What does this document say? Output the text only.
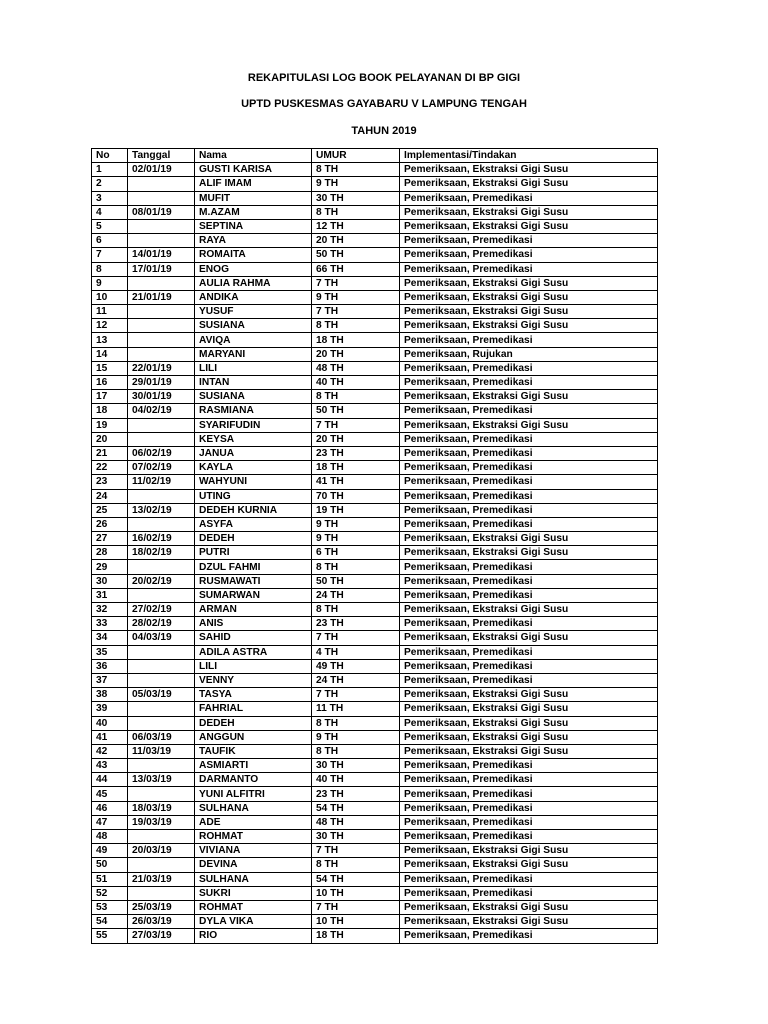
REKAPITULASI LOG BOOK PELAYANAN DI BP GIGI
UPTD PUSKESMAS GAYABARU V LAMPUNG TENGAH
TAHUN 2019
No	Tanggal	Nama	UMUR	Implementasi/Tindakan
1	02/01/19	GUSTI KARISA	8 TH	Pemeriksaan, Ekstraksi Gigi Susu
2		ALIF IMAM	9 TH	Pemeriksaan, Ekstraksi Gigi Susu
3		MUFIT	30 TH	Pemeriksaan, Premedikasi
4	08/01/19	M.AZAM	8 TH	Pemeriksaan, Ekstraksi Gigi Susu
5		SEPTINA	12 TH	Pemeriksaan, Ekstraksi Gigi Susu
6		RAYA	20 TH	Pemeriksaan, Premedikasi
7	14/01/19	ROMAITA	50 TH	Pemeriksaan, Premedikasi
8	17/01/19	ENOG	66 TH	Pemeriksaan, Premedikasi
9		AULIA RAHMA	7 TH	Pemeriksaan, Ekstraksi Gigi Susu
10	21/01/19	ANDIKA	9 TH	Pemeriksaan, Ekstraksi Gigi Susu
11		YUSUF	7 TH	Pemeriksaan, Ekstraksi Gigi Susu
12		SUSIANA	8 TH	Pemeriksaan, Ekstraksi Gigi Susu
13		AVIQA	18 TH	Pemeriksaan, Premedikasi
14		MARYANI	20 TH	Pemeriksaan, Rujukan
15	22/01/19	LILI	48 TH	Pemeriksaan, Premedikasi
16	29/01/19	INTAN	40 TH	Pemeriksaan, Premedikasi
17	30/01/19	SUSIANA	8 TH	Pemeriksaan, Ekstraksi Gigi Susu
18	04/02/19	RASMIANA	50 TH	Pemeriksaan, Premedikasi
19		SYARIFUDIN	7 TH	Pemeriksaan, Ekstraksi Gigi Susu
20		KEYSA	20 TH	Pemeriksaan, Premedikasi
21	06/02/19	JANUA	23 TH	Pemeriksaan, Premedikasi
22	07/02/19	KAYLA	18 TH	Pemeriksaan, Premedikasi
23	11/02/19	WAHYUNI	41 TH	Pemeriksaan, Premedikasi
24		UTING	70 TH	Pemeriksaan, Premedikasi
25	13/02/19	DEDEH KURNIA	19 TH	Pemeriksaan, Premedikasi
26		ASYFA	9 TH	Pemeriksaan, Premedikasi
27	16/02/19	DEDEH	9 TH	Pemeriksaan, Ekstraksi Gigi Susu
28	18/02/19	PUTRI	6 TH	Pemeriksaan, Ekstraksi Gigi Susu
29		DZUL FAHMI	8 TH	Pemeriksaan, Premedikasi
30	20/02/19	RUSMAWATI	50 TH	Pemeriksaan, Premedikasi
31		SUMARWAN	24 TH	Pemeriksaan, Premedikasi
32	27/02/19	ARMAN	8 TH	Pemeriksaan, Ekstraksi Gigi Susu
33	28/02/19	ANIS	23 TH	Pemeriksaan, Premedikasi
34	04/03/19	SAHID	7 TH	Pemeriksaan, Ekstraksi Gigi Susu
35		ADILA ASTRA	4 TH	Pemeriksaan, Premedikasi
36		LILI	49 TH	Pemeriksaan, Premedikasi
37		VENNY	24 TH	Pemeriksaan, Premedikasi
38	05/03/19	TASYA	7 TH	Pemeriksaan, Ekstraksi Gigi Susu
39		FAHRIAL	11 TH	Pemeriksaan, Ekstraksi Gigi Susu
40		DEDEH	8 TH	Pemeriksaan, Ekstraksi Gigi Susu
41	06/03/19	ANGGUN	9 TH	Pemeriksaan, Ekstraksi Gigi Susu
42	11/03/19	TAUFIK	8 TH	Pemeriksaan, Ekstraksi Gigi Susu
43		ASMIARTI	30 TH	Pemeriksaan, Premedikasi
44	13/03/19	DARMANTO	40 TH	Pemeriksaan, Premedikasi
45		YUNI ALFITRI	23 TH	Pemeriksaan, Premedikasi
46	18/03/19	SULHANA	54 TH	Pemeriksaan, Premedikasi
47	19/03/19	ADE	48 TH	Pemeriksaan, Premedikasi
48		ROHMAT	30 TH	Pemeriksaan, Premedikasi
49	20/03/19	VIVIANA	7 TH	Pemeriksaan, Ekstraksi Gigi Susu
50		DEVINA	8 TH	Pemeriksaan, Ekstraksi Gigi Susu
51	21/03/19	SULHANA	54 TH	Pemeriksaan, Premedikasi
52		SUKRI	10 TH	Pemeriksaan, Premedikasi
53	25/03/19	ROHMAT	7 TH	Pemeriksaan, Ekstraksi Gigi Susu
54	26/03/19	DYLA VIKA	10 TH	Pemeriksaan, Ekstraksi Gigi Susu
55	27/03/19	RIO	18 TH	Pemeriksaan, Premedikasi
